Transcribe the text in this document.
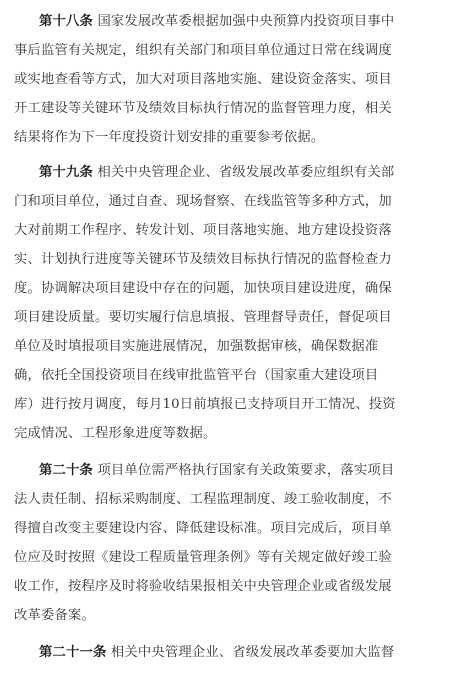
第十八条 国家发展改革委根据加强中央预算内投资项目事中
事后监管有关规定，组织有关部门和项目单位通过日常在线调度
或实地查看等方式，加大对项目落地实施、建设资金落实、项目
开工建设等关键环节及绩效目标执行情况的监督管理力度，相关
结果将作为下一年度投资计划安排的重要参考依据。
第十九条 相关中央管理企业、省级发展改革委应组织有关部
门和项目单位，通过自查、现场督察、在线监管等多种方式，加
大对前期工作程序、转发计划、项目落地实施、地方建设投资落
实、计划执行进度等关键环节及绩效目标执行情况的监督检查力
度。协调解决项目建设中存在的问题，加快项目建设进度，确保
项目建设质量。要切实履行信息填报、管理督导责任，督促项目
单位及时填报项目实施进展情况，加强数据审核，确保数据准
确，依托全国投资项目在线审批监管平台（国家重大建设项目
库）进行按月调度，每月10日前填报已支持项目开工情况、投资
完成情况、工程形象进度等数据。
第二十条 项目单位需严格执行国家有关政策要求，落实项目
法人责任制、招标采购制度、工程监理制度、竣工验收制度，不
得擅自改变主要建设内容、降低建设标准。项目完成后，项目单
位应及时按照《建设工程质量管理条例》等有关规定做好竣工验
收工作，按程序及时将验收结果报相关中央管理企业或省级发展
改革委备案。
第二十一条 相关中央管理企业、省级发展改革委要加大监督
